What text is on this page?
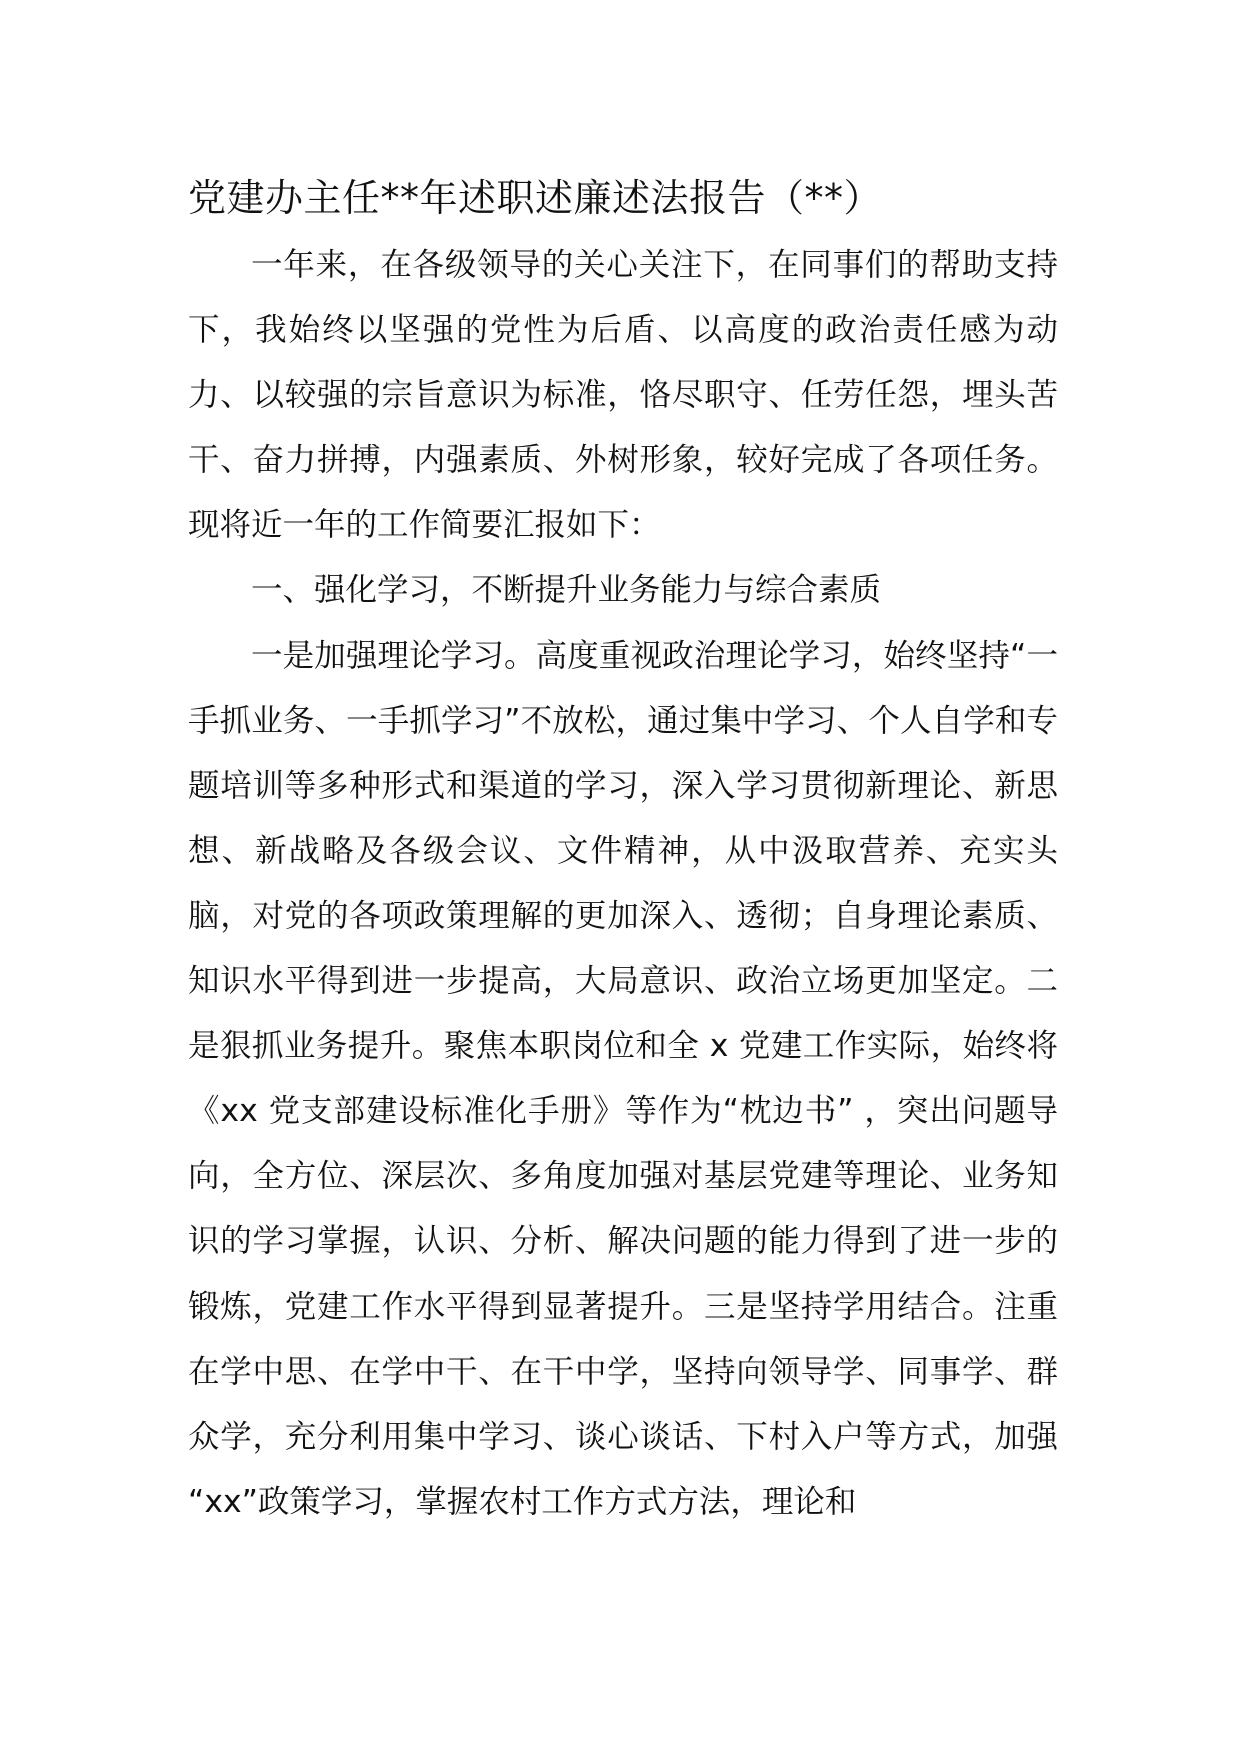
党建办主任**年述职述廉述法报告（**）

一年来，在各级领导的关心关注下，在同事们的帮助支持下，我始终以坚强的党性为后盾、以高度的政治责任感为动力、以较强的宗旨意识为标准，恪尽职守、任劳任怨，埋头苦干、奋力拼搏，内强素质、外树形象，较好完成了各项任务。现将近一年的工作简要汇报如下：

一、强化学习，不断提升业务能力与综合素质

一是加强理论学习。高度重视政治理论学习，始终坚持“一手抓业务、一手抓学习”不放松，通过集中学习、个人自学和专题培训等多种形式和渠道的学习，深入学习贯彻新理论、新思想、新战略及各级会议、文件精神，从中汲取营养、充实头脑，对党的各项政策理解的更加深入、透彻；自身理论素质、知识水平得到进一步提高，大局意识、政治立场更加坚定。二是狠抓业务提升。聚焦本职岗位和全 x 党建工作实际，始终将《xx 党支部建设标准化手册》等作为“枕边书” ，突出问题导向，全方位、深层次、多角度加强对基层党建等理论、业务知识的学习掌握，认识、分析、解决问题的能力得到了进一步的锻炼，党建工作水平得到显著提升。三是坚持学用结合。注重在学中思、在学中干、在干中学，坚持向领导学、同事学、群众学，充分利用集中学习、谈心谈话、下村入户等方式，加强 “xx”政策学习，掌握农村工作方式方法，理论和
